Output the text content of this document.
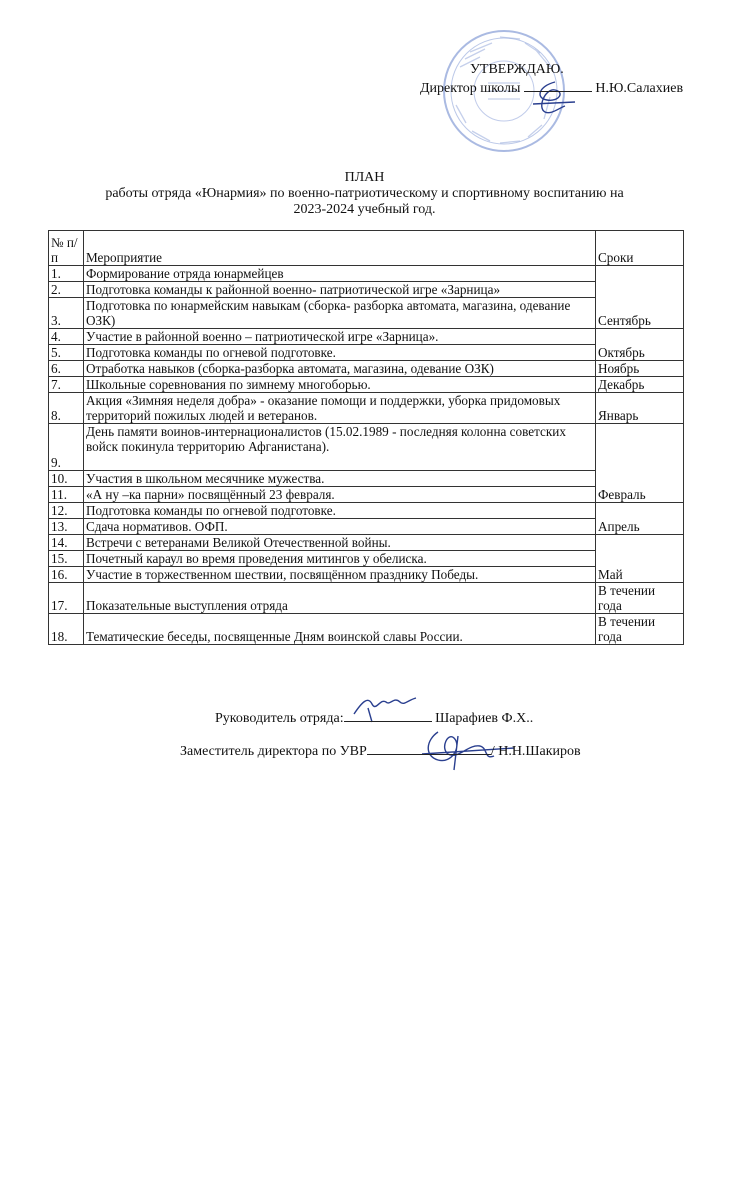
УТВЕРЖДАЮ.
Директор школы	Н.Ю.Салахиев
ПЛАН
работы отряда «Юнармия» по военно-патриотическому и спортивному воспитанию на
2023-2024 учебный год.
№ п/п	Мероприятие	Сроки
1.	Формирование отряда юнармейцев	Сентябрь
2.	Подготовка команды к районной военно- патриотической игре «Зарница»	
3.	Подготовка по юнармейским навыкам (сборка- разборка автомата, магазина, одевание ОЗК)	
4.	Участие в районной военно – патриотической игре «Зарница».	Октябрь
5.	Подготовка команды по огневой подготовке.	
6.	Отработка навыков (сборка-разборка автомата, магазина, одевание ОЗК)	Ноябрь
7.	Школьные соревнования по зимнему многоборью.	Декабрь
8.	Акция «Зимняя неделя добра» - оказание помощи и поддержки, уборка придомовых территорий пожилых людей и ветеранов.	Январь
9.	День памяти воинов-интернационалистов (15.02.1989 - последняя колонна советских войск покинула территорию Афганистана).	Февраль
10.	Участия в школьном месячнике мужества.	
11.	«А ну –ка парни» посвящённый 23 февраля.	
12.	Подготовка команды по огневой подготовке.	Апрель
13.	Сдача нормативов. ОФП.	
14.	Встречи с ветеранами Великой Отечественной войны.	Май
15.	Почетный караул во время проведения митингов у обелиска.	
16.	Участие в торжественном шествии, посвящённом празднику Победы.	
17.	Показательные выступления отряда	В течении года
18.	Тематические беседы, посвященные Дням воинской славы России.	В течении года
Руководитель отряда:	Шарафиев Ф.Х..
Заместитель директора по УВР	/ Н.Н.Шакиров
